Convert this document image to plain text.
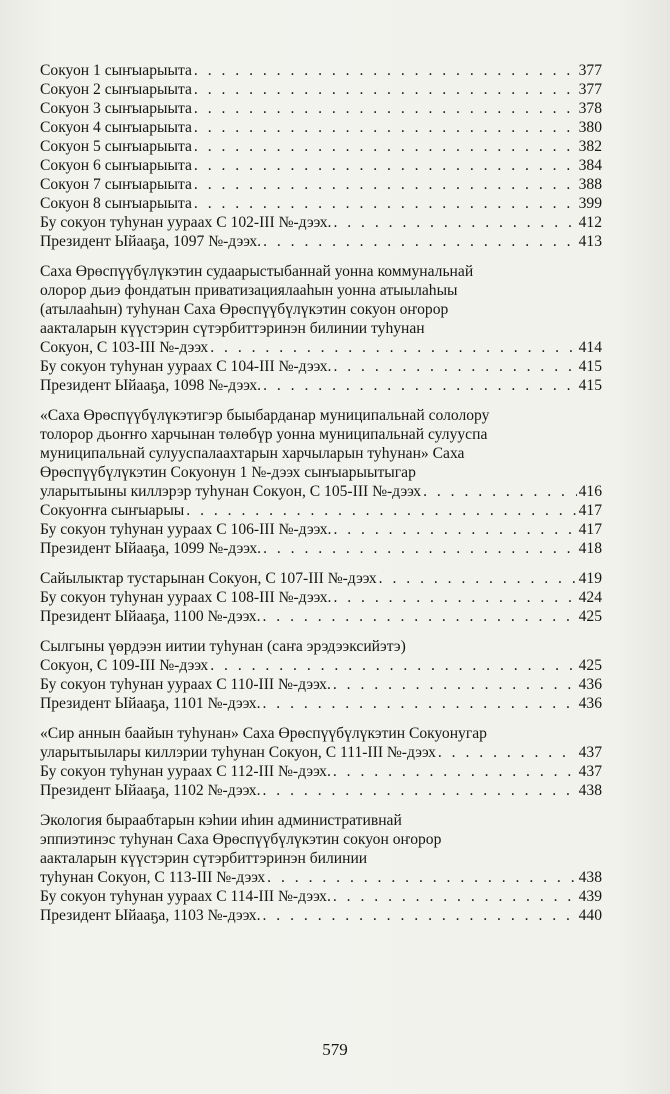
Сокуон 1 сыҥыарыыта . . .	377
Сокуон 2 сыҥыарыыта . . .	377
Сокуон 3 сыҥыарыыта . . .	378
Сокуон 4 сыҥыарыыта . . .	380
Сокуон 5 сыҥыарыыта . . .	382
Сокуон 6 сыҥыарыыта . . .	384
Сокуон 7 сыҥыарыыта . . .	388
Сокуон 8 сыҥыарыыта . . .	399
Бу сокуон туһунан уураах С 102-III №-дээх. . . .	412
Президент Ыйааҕа, 1097 №-дээх. . . .	413
Саха Өрөспүүбүлүкэтин судаарыстыбаннай уонна коммунальнай
олорор дьиэ фондатын приватизациялааһын уонна атыылаһыы
(атылааһын) туһунан Саха Өрөспүүбүлүкэтин сокуон оҥорор
аакталарын күүстэрин сүтэрбиттэринэн билинии туһунан
Сокуон, С 103-III №-дээх . . .	414
Бу сокуон туһунан уураах С 104-III №-дээх. . . .	415
Президент Ыйааҕа, 1098 №-дээх. . . .	415
«Саха Өрөспүүбүлүкэтигэр быыбарданар муниципальнай сололору
толорор дьоҥҥо харчынан төлөбүр уонна муниципальнай сулууспа
муниципальнай сулууспалаахтарын харчыларын туһунан» Саха
Өрөспүүбүлүкэтин Сокуонун 1 №-дээх сыҥыарыытыгар
уларытыыны киллэрэр туһунан Сокуон, С 105-III №-дээх . . .	416
Сокуоҥҥа сыҥыарыы . . .	417
Бу сокуон туһунан уураах С 106-III №-дээх. . . .	417
Президент Ыйааҕа, 1099 №-дээх. . . .	418
Сайылыктар тустарынан Сокуон, С 107-III №-дээх . . .	419
Бу сокуон туһунан уураах С 108-III №-дээх. . . .	424
Президент Ыйааҕа, 1100 №-дээх. . . .	425
Сылгыны үөрдээн иитии туһунан (саҥа эрэдээксийэтэ)
Сокуон, С 109-III №-дээх . . .	425
Бу сокуон туһунан уураах С 110-III №-дээх. . . .	436
Президент Ыйааҕа, 1101 №-дээх. . . .	436
«Сир аннын баайын туһунан» Саха Өрөспүүбүлүкэтин Сокуонугар
уларытыылары киллэрии туһунан Сокуон, С 111-III №-дээх . . .	437
Бу сокуон туһунан уураах С 112-III №-дээх. . . .	437
Президент Ыйааҕа, 1102 №-дээх. . . .	438
Экология быраабтарын кэһии иһин административнай
эппиэтинэс туһунан Саха Өрөспүүбүлүкэтин сокуон оҥорор
аакталарын күүстэрин сүтэрбиттэринэн билинии
туһунан Сокуон, С 113-III №-дээх . . .	438
Бу сокуон туһунан уураах С 114-III №-дээх. . . .	439
Президент Ыйааҕа, 1103 №-дээх. . . .	440
579
